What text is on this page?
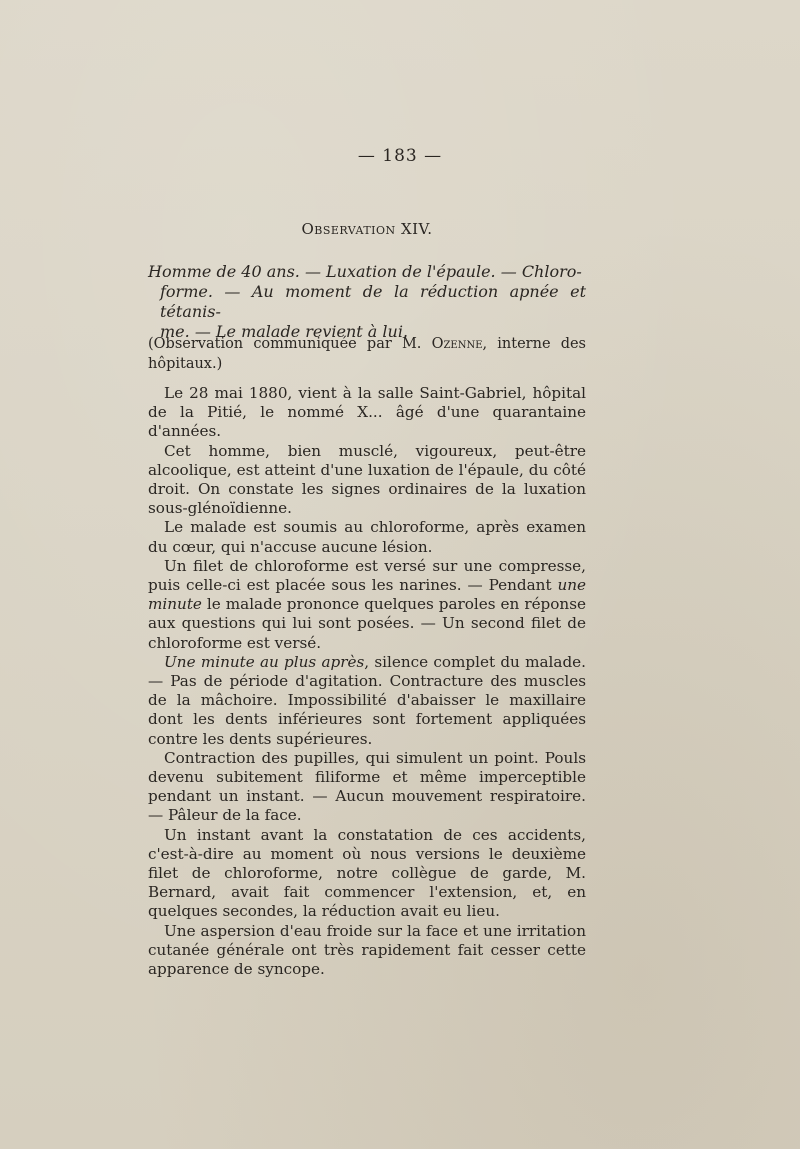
— 183 —
Observation XIV.

Homme de 40 ans. — Luxation de l'épaule. — Chloro-

forme. — Au moment de la réduction apnée et tétanis-

me. — Le malade revient à lui.

(Observation communiquée par M. Ozenne, interne des hôpitaux.)

Le 28 mai 1880, vient à la salle Saint-Gabriel, hôpital de la Pitié, le nommé X... âgé d'une quarantaine d'années.

Cet homme, bien musclé, vigoureux, peut-être alcoolique, est atteint d'une luxation de l'épaule, du côté droit. On constate les signes ordinaires de la luxation sous-glénoïdienne.

Le malade est soumis au chloroforme, après examen du cœur, qui n'accuse aucune lésion.

Un filet de chloroforme est versé sur une compresse, puis celle-ci est placée sous les narines. — Pendant une minute le malade prononce quelques paroles en réponse aux questions qui lui sont posées. — Un second filet de chloroforme est versé.

Une minute au plus après, silence complet du malade. — Pas de période d'agitation. Contracture des muscles de la mâchoire. Impossibilité d'abaisser le maxillaire dont les dents inférieures sont fortement appliquées contre les dents supérieures.

Contraction des pupilles, qui simulent un point. Pouls devenu subitement filiforme et même imperceptible pendant un instant. — Aucun mouvement respiratoire. — Pâleur de la face.

Un instant avant la constatation de ces accidents, c'est-à-dire au moment où nous versions le deuxième filet de chloroforme, notre collègue de garde, M. Bernard, avait fait commencer l'extension, et, en quelques secondes, la réduction avait eu lieu.

Une aspersion d'eau froide sur la face et une irritation cutanée générale ont très rapidement fait cesser cette apparence de syncope.
